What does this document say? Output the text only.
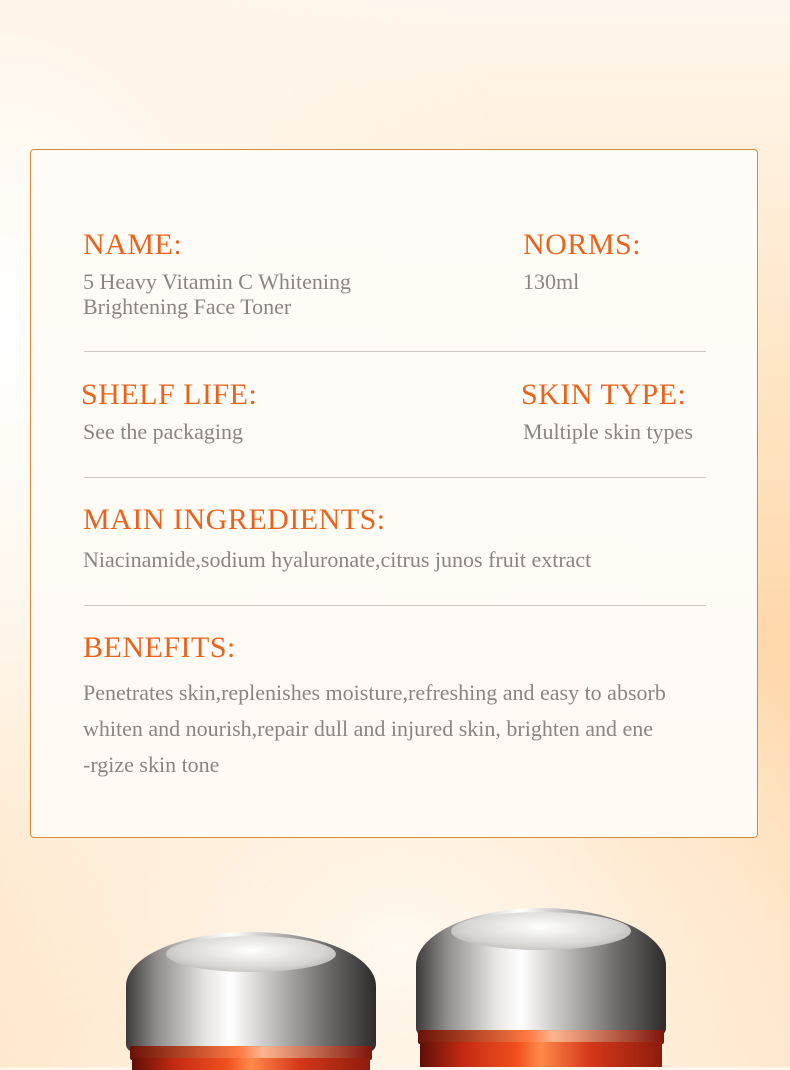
NAME:
5 Heavy Vitamin C Whitening
Brightening Face Toner
NORMS:
130ml
SHELF LIFE:
See the packaging
SKIN TYPE:
Multiple skin types
MAIN INGREDIENTS:
Niacinamide,sodium hyaluronate,citrus junos fruit extract
BENEFITS:
Penetrates skin,replenishes moisture,refreshing and easy to absorb
whiten and nourish,repair dull and injured skin, brighten and ene
-rgize skin tone
